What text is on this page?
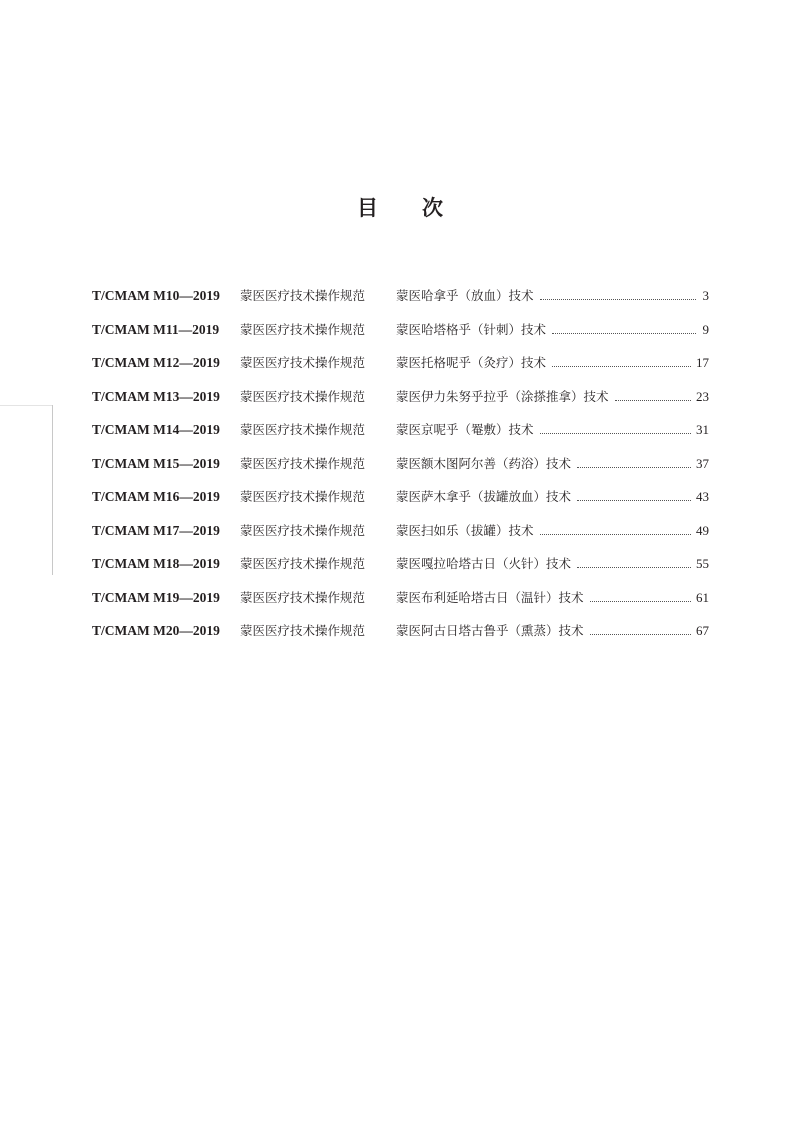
目 次
T/CMAM M10—2019	蒙医医疗技术操作规范	蒙医哈拿乎（放血）技术	3
T/CMAM M11—2019	蒙医医疗技术操作规范	蒙医哈塔格乎（针刺）技术	9
T/CMAM M12—2019	蒙医医疗技术操作规范	蒙医托格呢乎（灸疗）技术	17
T/CMAM M13—2019	蒙医医疗技术操作规范	蒙医伊力朱努乎拉乎（涂搽推拿）技术	23
T/CMAM M14—2019	蒙医医疗技术操作规范	蒙医京呢乎（罨敷）技术	31
T/CMAM M15—2019	蒙医医疗技术操作规范	蒙医额木图阿尔善（药浴）技术	37
T/CMAM M16—2019	蒙医医疗技术操作规范	蒙医萨木拿乎（拔罐放血）技术	43
T/CMAM M17—2019	蒙医医疗技术操作规范	蒙医扫如乐（拔罐）技术	49
T/CMAM M18—2019	蒙医医疗技术操作规范	蒙医嘎拉哈塔古日（火针）技术	55
T/CMAM M19—2019	蒙医医疗技术操作规范	蒙医布利延哈塔古日（温针）技术	61
T/CMAM M20—2019	蒙医医疗技术操作规范	蒙医阿古日塔古鲁乎（熏蒸）技术	67
